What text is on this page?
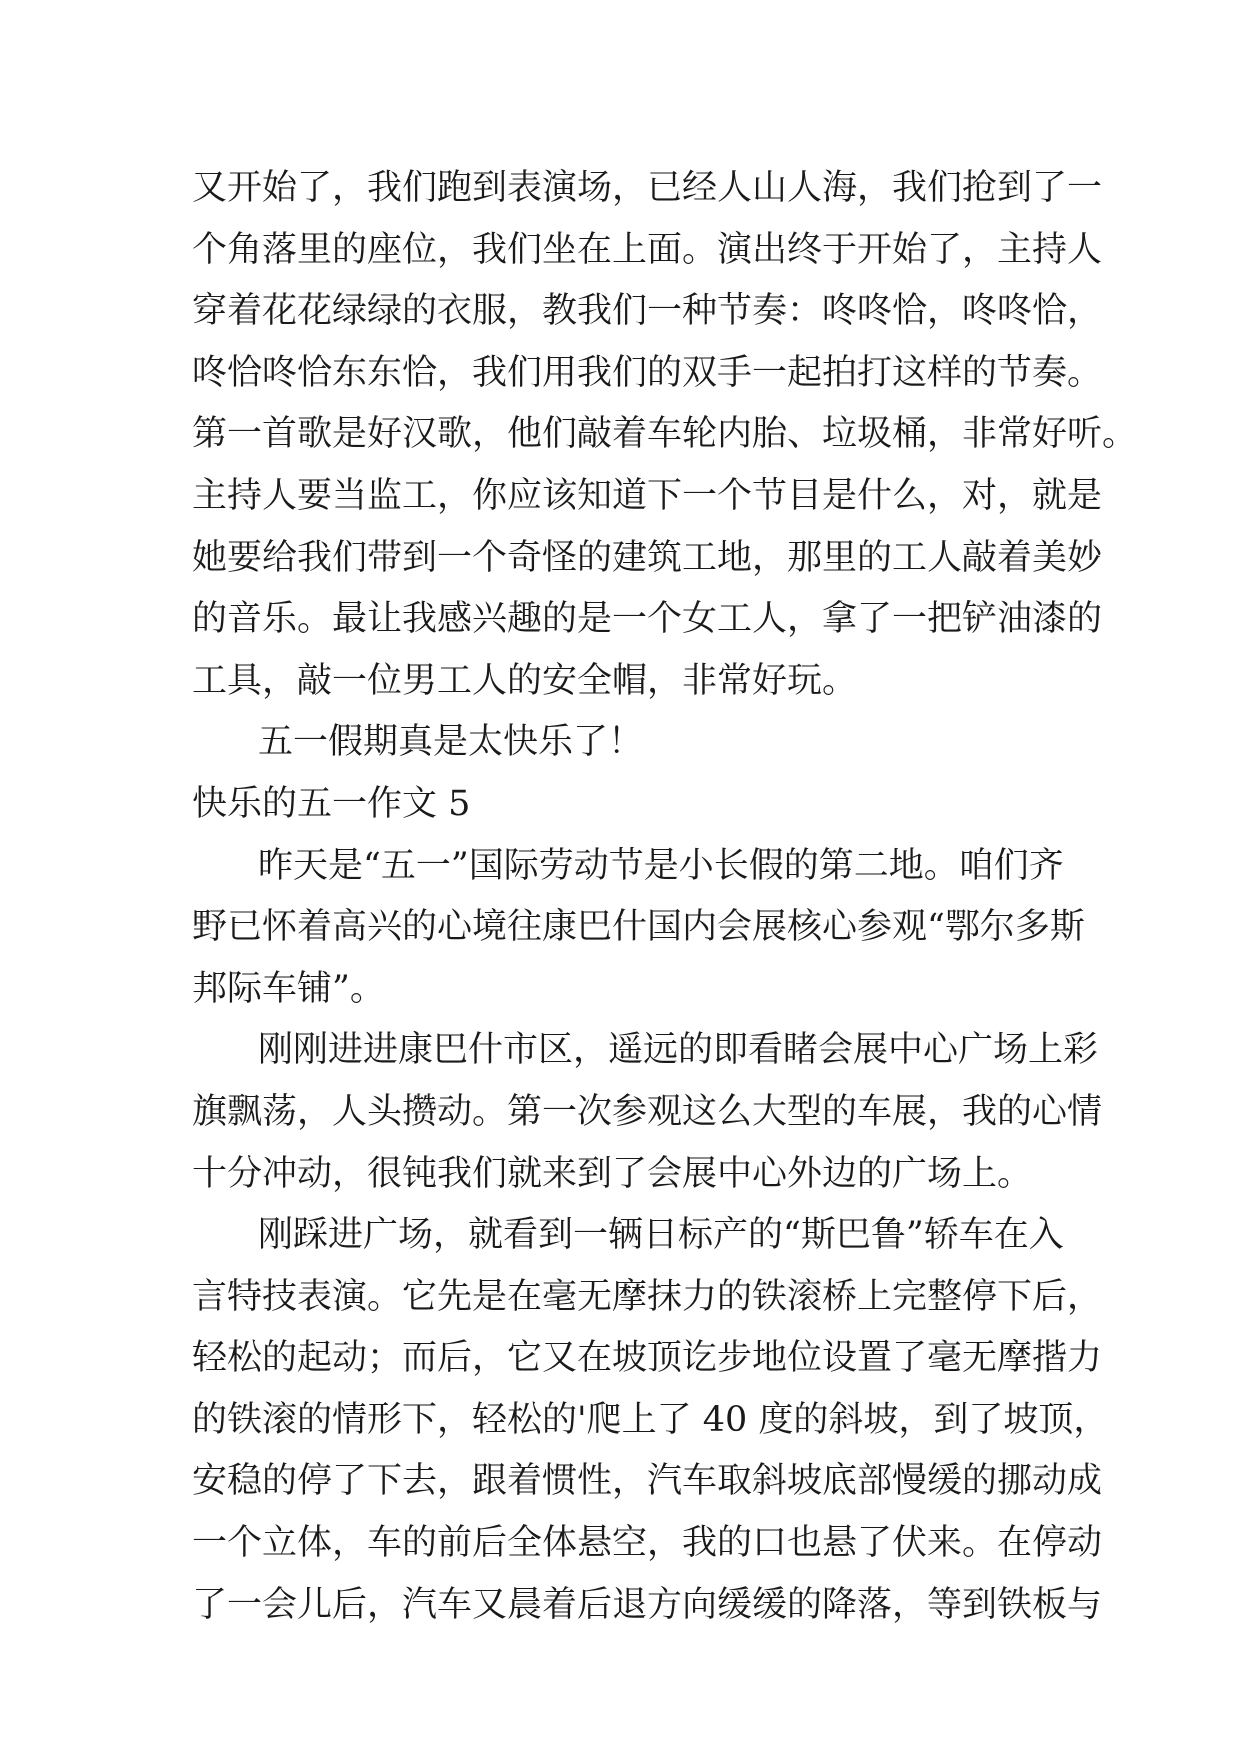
又开始了，我们跑到表演场，已经人山人海，我们抢到了一
个角落里的座位，我们坐在上面。演出终于开始了，主持人
穿着花花绿绿的衣服，教我们一种节奏：咚咚恰，咚咚恰，
咚恰咚恰东东恰，我们用我们的双手一起拍打这样的节奏。
第一首歌是好汉歌，他们敲着车轮内胎、垃圾桶，非常好听。
主持人要当监工，你应该知道下一个节目是什么，对，就是
她要给我们带到一个奇怪的建筑工地，那里的工人敲着美妙
的音乐。最让我感兴趣的是一个女工人，拿了一把铲油漆的
工具，敲一位男工人的安全帽，非常好玩。
五一假期真是太快乐了！
快乐的五一作文 5
昨天是“五一”国际劳动节是小长假的第二地。咱们齐
野已怀着高兴的心境往康巴什国内会展核心参观“鄂尔多斯
邦际车铺”。
刚刚进进康巴什市区，遥远的即看睹会展中心广场上彩
旗飘荡，人头攒动。第一次参观这么大型的车展，我的心情
十分冲动，很钝我们就来到了会展中心外边的广场上。
刚踩进广场，就看到一辆日标产的“斯巴鲁”轿车在入
言特技表演。它先是在毫无摩抹力的铁滚桥上完整停下后，
轻松的起动；而后，它又在坡顶讫步地位设置了毫无摩揩力
的铁滚的情形下，轻松的'爬上了 40 度的斜坡，到了坡顶，
安稳的停了下去，跟着惯性，汽车取斜坡底部慢缓的挪动成
一个立体，车的前后全体悬空，我的口也悬了伏来。在停动
了一会儿后，汽车又晨着后退方向缓缓的降落，等到铁板与
